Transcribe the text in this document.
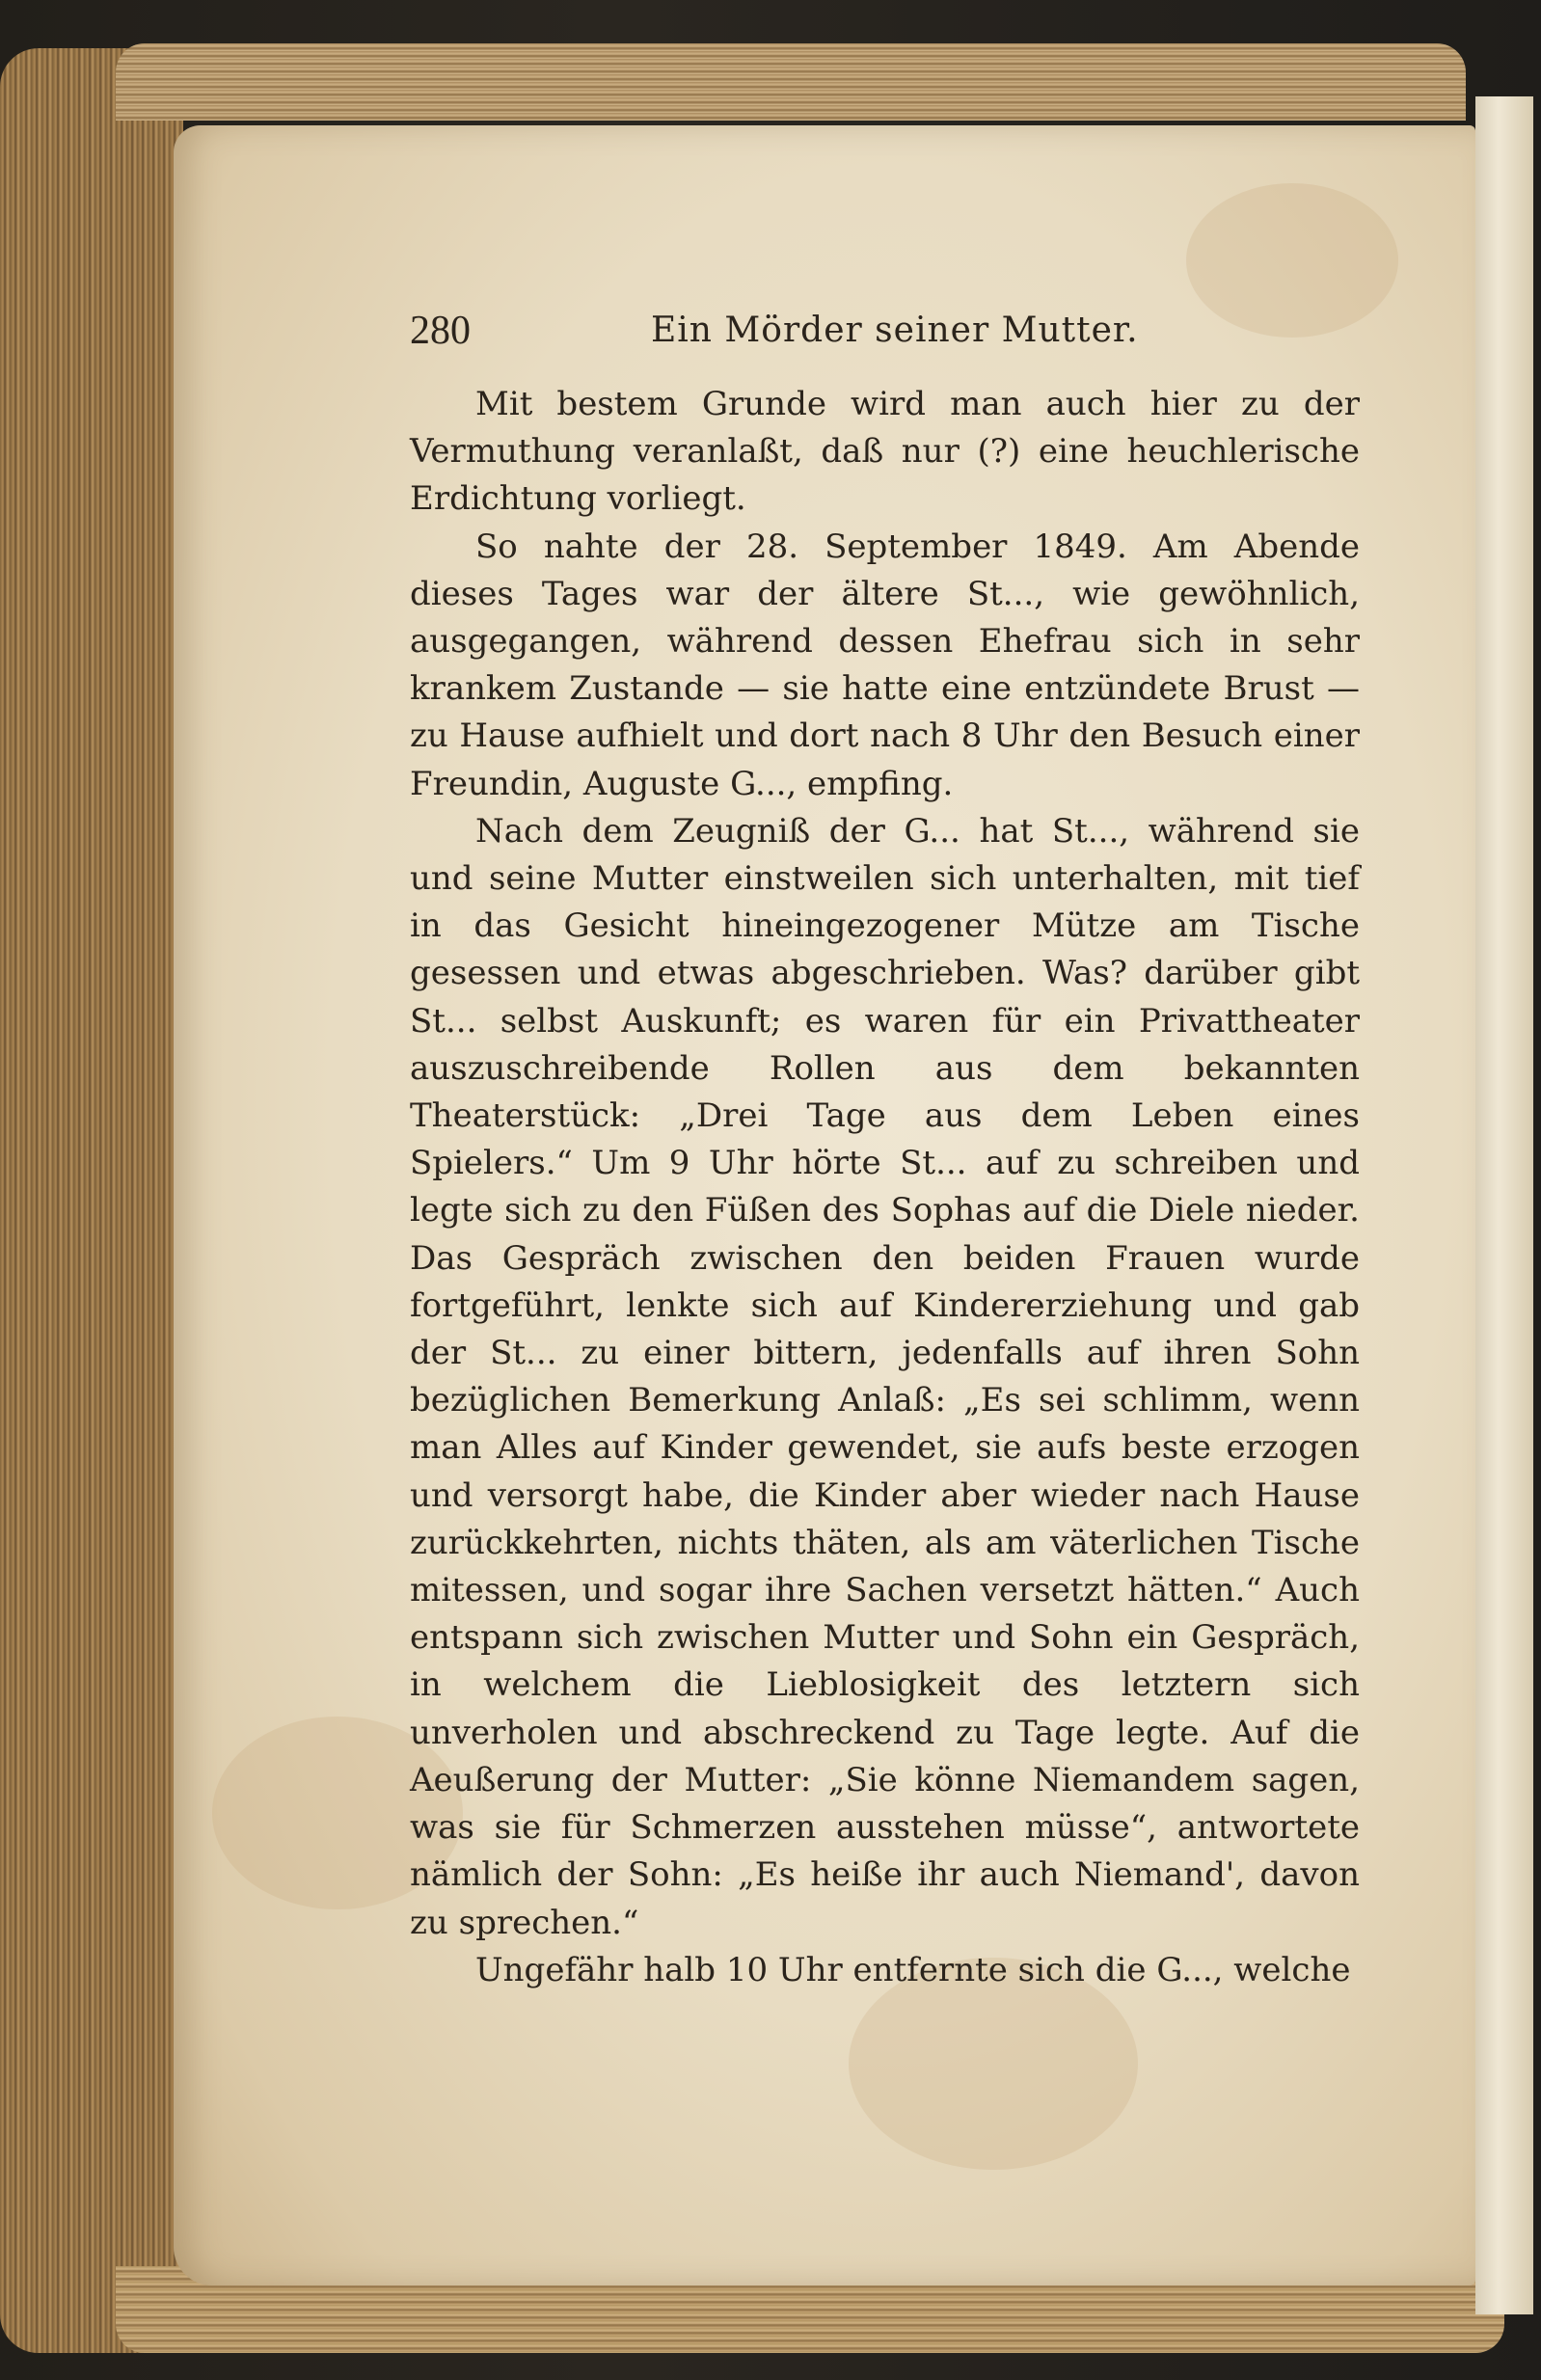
280	Ein Mörder seiner Mutter.

Mit bestem Grunde wird man auch hier zu der Vermuthung veranlaßt, daß nur (?) eine heuchlerische Erdichtung vorliegt.

So nahte der 28. September 1849. Am Abende dieses Tages war der ältere St..., wie gewöhnlich, ausgegangen, während dessen Ehefrau sich in sehr krankem Zustande — sie hatte eine entzündete Brust — zu Hause aufhielt und dort nach 8 Uhr den Besuch einer Freundin, Auguste G..., empfing.

Nach dem Zeugniß der G... hat St..., während sie und seine Mutter einstweilen sich unterhalten, mit tief in das Gesicht hineingezogener Mütze am Tische gesessen und etwas abgeschrieben. Was? darüber gibt St... selbst Auskunft; es waren für ein Privattheater auszuschreibende Rollen aus dem bekannten Theaterstück: „Drei Tage aus dem Leben eines Spielers.“ Um 9 Uhr hörte St... auf zu schreiben und legte sich zu den Füßen des Sophas auf die Diele nieder. Das Gespräch zwischen den beiden Frauen wurde fortgeführt, lenkte sich auf Kindererziehung und gab der St... zu einer bittern, jedenfalls auf ihren Sohn bezüglichen Bemerkung Anlaß: „Es sei schlimm, wenn man Alles auf Kinder gewendet, sie aufs beste erzogen und versorgt habe, die Kinder aber wieder nach Hause zurückkehrten, nichts thäten, als am väterlichen Tische mitessen, und sogar ihre Sachen versetzt hätten.“ Auch entspann sich zwischen Mutter und Sohn ein Gespräch, in welchem die Lieblosigkeit des letztern sich unverholen und abschreckend zu Tage legte. Auf die Aeußerung der Mutter: „Sie könne Niemandem sagen, was sie für Schmerzen ausstehen müsse“, antwortete nämlich der Sohn: „Es heiße ihr auch Niemand', davon zu sprechen.“

Ungefähr halb 10 Uhr entfernte sich die G..., welche
